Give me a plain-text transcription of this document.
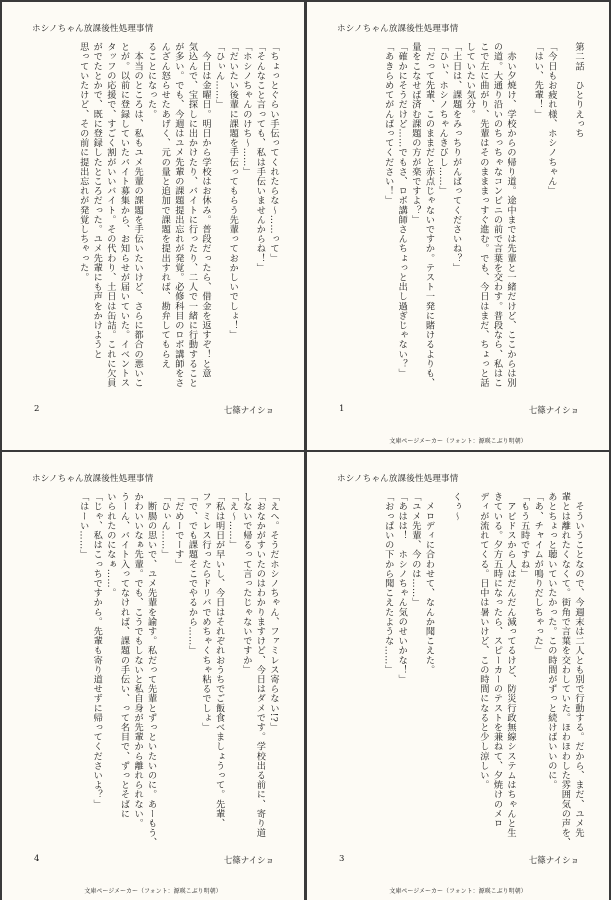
ホシノちゃん放課後性処理事情
「ちょっとぐらい手伝ってくれたらな～……って」
「そんなこと言っても、私は手伝いませんからね！」
「ホシノちゃんのけち～……」
「だいたい後輩に課題を手伝ってもらう先輩っておかしいでしょ！」
「ひぃん……」
　今日は金曜日。明日から学校はお休み。普段だったら、借金を返すぞ！と意
気込んで、宝探しに出かけたり、バイトに行ったり、二人で一緒に行動すること
が多い。でも、今週はユメ先輩の課題提出忘れが発覚。必修科目のロボ講師をさ
んざん怒らせたあげく、元の量と追加で課題を提出すれば、勘弁してもらえ
ることになった。
　本当のところは、私もユメ先輩の課題を手伝いたいけど、さらに都合の悪いこ
とが。以前に登録していたバイト募集から、お知らせが届いていた。イベントス
タッフの応援で、すごく割がいいバイト。その代わり、土日は缶詰。これに欠員
がでたとかで、既に登録したところだった。ユメ先輩にも声をかけようと
思っていたけど、その前に提出忘れが発覚しちゃった。
2	七篠ナイショ
ホシノちゃん放課後性処理事情
第二話　ひとりえっち

「今日もお疲れ様、ホシノちゃん」
「はい、先輩！」

　赤い夕焼け、学校からの帰り道。途中までは先輩と一緒だけど、ここからは別
の道。大通り沿いのちっちゃなコンビニの前で言葉を交わす。普段なら、私はこ
こで左に曲がり、先輩はそのまままっすぐ進む。でも、今日はまだ、ちょっと話
していたい気分。
「土日は、課題をみっちりがんばってくださいね？」
「ひぃ、ホシノちゃんきびし……」
「だって先輩、このままだと赤点じゃないですか。テスト一発に賭けるよりも、
量をこなせば済む課題の方が楽ですよ？」
「確かにそうだけど……でもさ、ロボ講師さんちょっと出し過ぎじゃない？」
「あきらめてがんばってください！」
1	七篠ナイショ
文庫ページメーカー（フォント：源暎こぶり明朝）
ホシノちゃん放課後性処理事情
「えへ。そうだホシノちゃん、ファミレス寄らない!?」
「おなかがすいたのはわかりますけど、今日はダメです。学校出る前に、寄り道
しないで帰るって言ったじゃないですか」
「え～……」
「私は明日が早いし、今日はそれぞれおうちでご飯食べましょうって。先輩、
ファミレス行ったらドリバでめちゃくちゃ粘るでしょ」
「で、でも課題そこでやるから……」
「だめーでーす」
「ひぃん……」
　断腸の思いで、ユメ先輩を諭す。私だって先輩とずっといたいのに。あーもう、
かわいいなぁ先輩。でも、こうでもしないと私自身が先輩から離れられない。
うーん、バイト入ってなければ、課題の手伝い、って名目で、ずっとそばに
いられたのになぁ……。
「じゃ、私はこっちですから。先輩も寄り道せずに帰ってくださいよ？」
「はーい……」
4	七篠ナイショ
ホシノちゃん放課後性処理事情
　そういうことなので、今週末は二人とも別で行動する。だから、まだ、ユメ先
輩とは離れたくなくて。街角で言葉を交わしていた。ほわほわした雰囲気の声を、
あとちょっと聴いていたかった。この時間がずっと続けばいいのに。
「あ、チャイムが鳴りだしちゃった」
「もう五時ですね」
　アビドスから人はだんだん減ってるけど、防災行政無線システムはちゃんと生
きている。夕方五時になったら、スピーカーのテストを兼ねて、夕焼けのメロ
ディが流れてくる。日中は暑いけど、この時間になると少し涼しい。

くぅ～

　メロディに合わせて、なんか聞こえた。
「ユメ先輩、今のは……」
「あはは！　ホシノちゃん気のせいかな！」
「おっぱいの下から聞こえたような……」
3	七篠ナイショ
文庫ページメーカー（フォント：源暎こぶり明朝）	文庫ページメーカー（フォント：源暎こぶり明朝）
